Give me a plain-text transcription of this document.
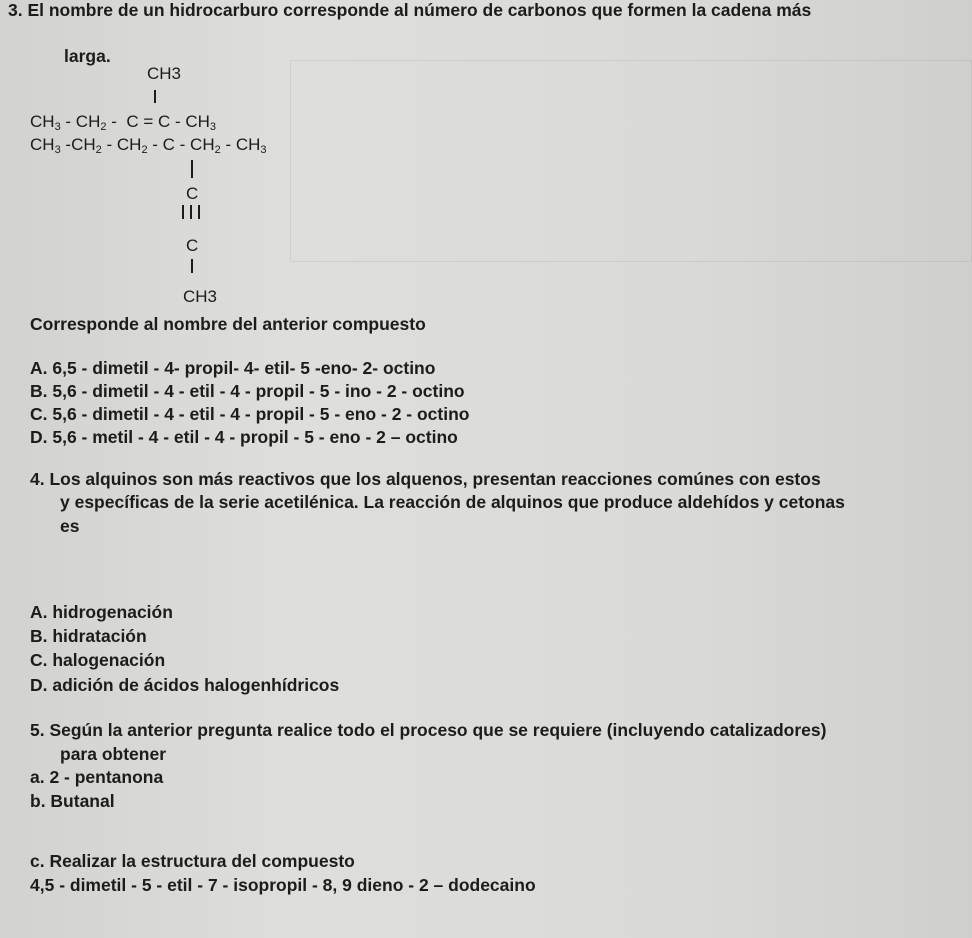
3. El nombre de un hidrocarburo corresponde al número de carbonos que formen la cadena más
larga.
CH3
$CH_3 - CH_2 - C = C - CH_3$
$CH_3$ $-CH_2 - CH_2$ - C - $CH_2 - CH_3$
C
C
CH3
Corresponde al nombre del anterior compuesto
A. 6,5 - dimetil - 4- propil- 4- etil- 5 -eno- 2- octino
B. 5,6 - dimetil - 4 - etil - 4 - propil - 5 - ino - 2 - octino
C. 5,6 - dimetil - 4 - etil - 4 - propil - 5 - eno - 2 - octino
D. 5,6 - metil - 4 - etil - 4 - propil - 5 - eno - 2 – octino
4. Los alquinos son más reactivos que los alquenos, presentan reacciones comúnes con estos
y específicas de la serie acetilénica. La reacción de alquinos que produce aldehídos y cetonas
es
A. hidrogenación
B. hidratación
C. halogenación
D. adición de ácidos halogenhídricos
5. Según la anterior pregunta realice todo el proceso que se requiere (incluyendo catalizadores)
para obtener
a. 2 - pentanona
b. Butanal
c. Realizar la estructura del compuesto
4,5 - dimetil - 5 - etil - 7 - isopropil - 8, 9 dieno - 2 – dodecaino
